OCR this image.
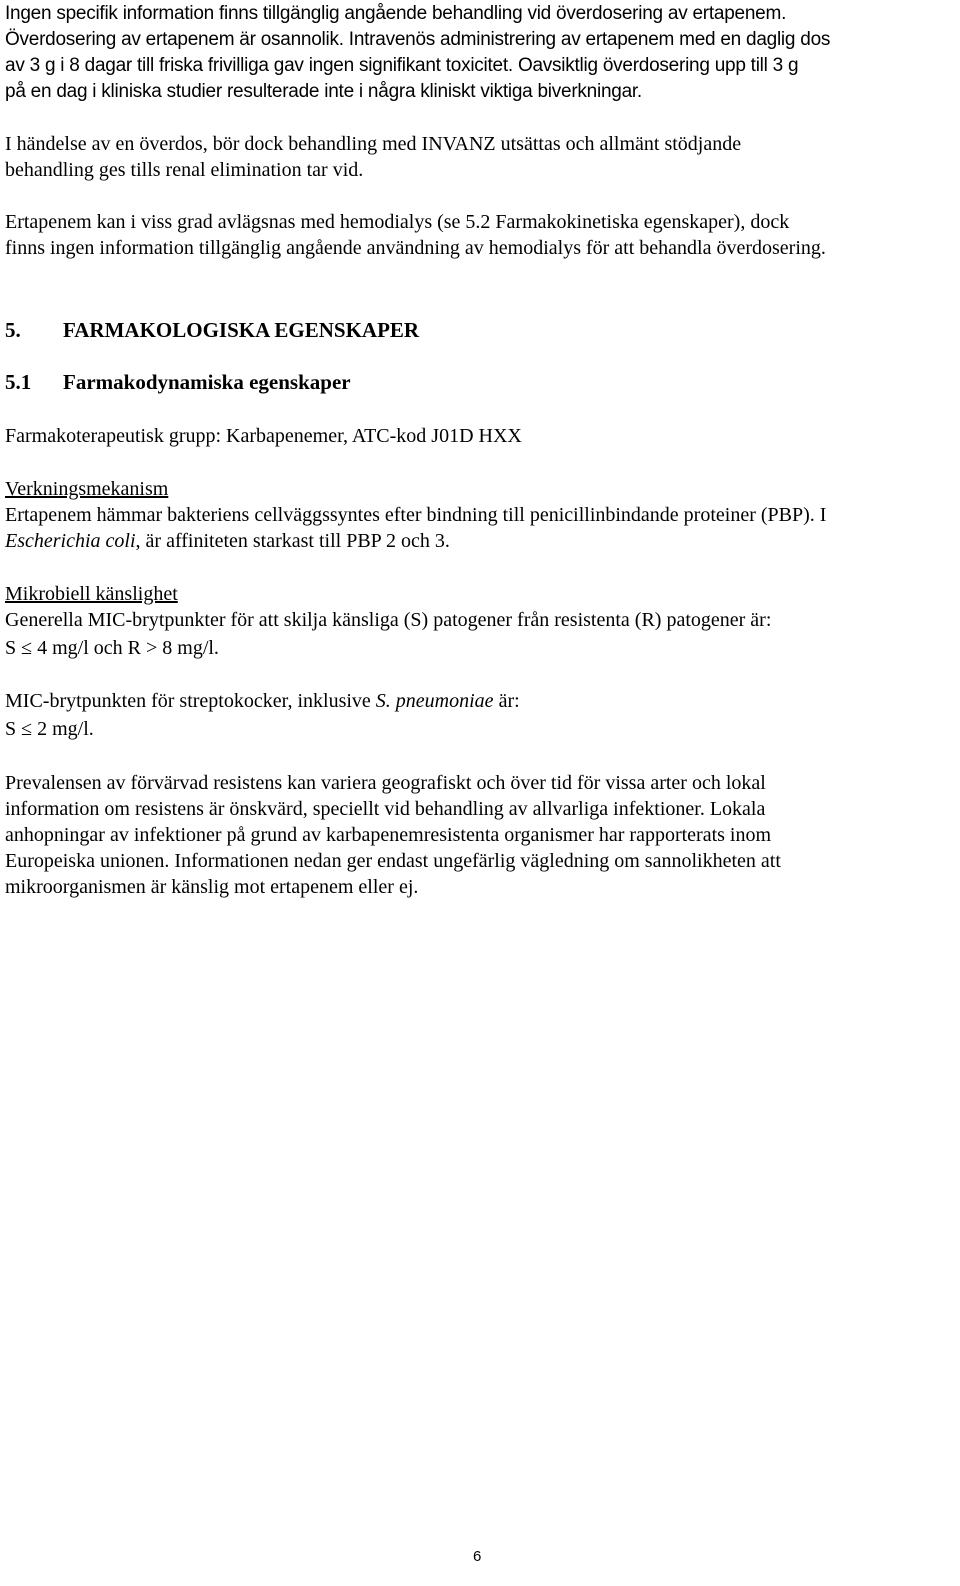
Ingen specifik information finns tillgänglig angående behandling vid överdosering av ertapenem.
Överdosering av ertapenem är osannolik. Intravenös administrering av ertapenem med en daglig dos
av 3 g i 8 dagar till friska frivilliga gav ingen signifikant toxicitet. Oavsiktlig överdosering upp till 3 g
på en dag i kliniska studier resulterade inte i några kliniskt viktiga biverkningar.
I händelse av en överdos, bör dock behandling med INVANZ utsättas och allmänt stödjande
behandling ges tills renal elimination tar vid.
Ertapenem kan i viss grad avlägsnas med hemodialys (se 5.2 Farmakokinetiska egenskaper), dock
finns ingen information tillgänglig angående användning av hemodialys för att behandla överdosering.
5. FARMAKOLOGISKA EGENSKAPER
5.1 Farmakodynamiska egenskaper
Farmakoterapeutisk grupp: Karbapenemer, ATC-kod J01D HXX
Verkningsmekanism
Ertapenem hämmar bakteriens cellväggssyntes efter bindning till penicillinbindande proteiner (PBP). I
Escherichia coli, är affiniteten starkast till PBP 2 och 3.
Mikrobiell känslighet
Generella MIC-brytpunkter för att skilja känsliga (S) patogener från resistenta (R) patogener är:
S ≤ 4 mg/l och R > 8 mg/l.
MIC-brytpunkten för streptokocker, inklusive S. pneumoniae är:
S ≤ 2 mg/l.
Prevalensen av förvärvad resistens kan variera geografiskt och över tid för vissa arter och lokal
information om resistens är önskvärd, speciellt vid behandling av allvarliga infektioner. Lokala
anhopningar av infektioner på grund av karbapenemresistenta organismer har rapporterats inom
Europeiska unionen. Informationen nedan ger endast ungefärlig vägledning om sannolikheten att
mikroorganismen är känslig mot ertapenem eller ej.
6
